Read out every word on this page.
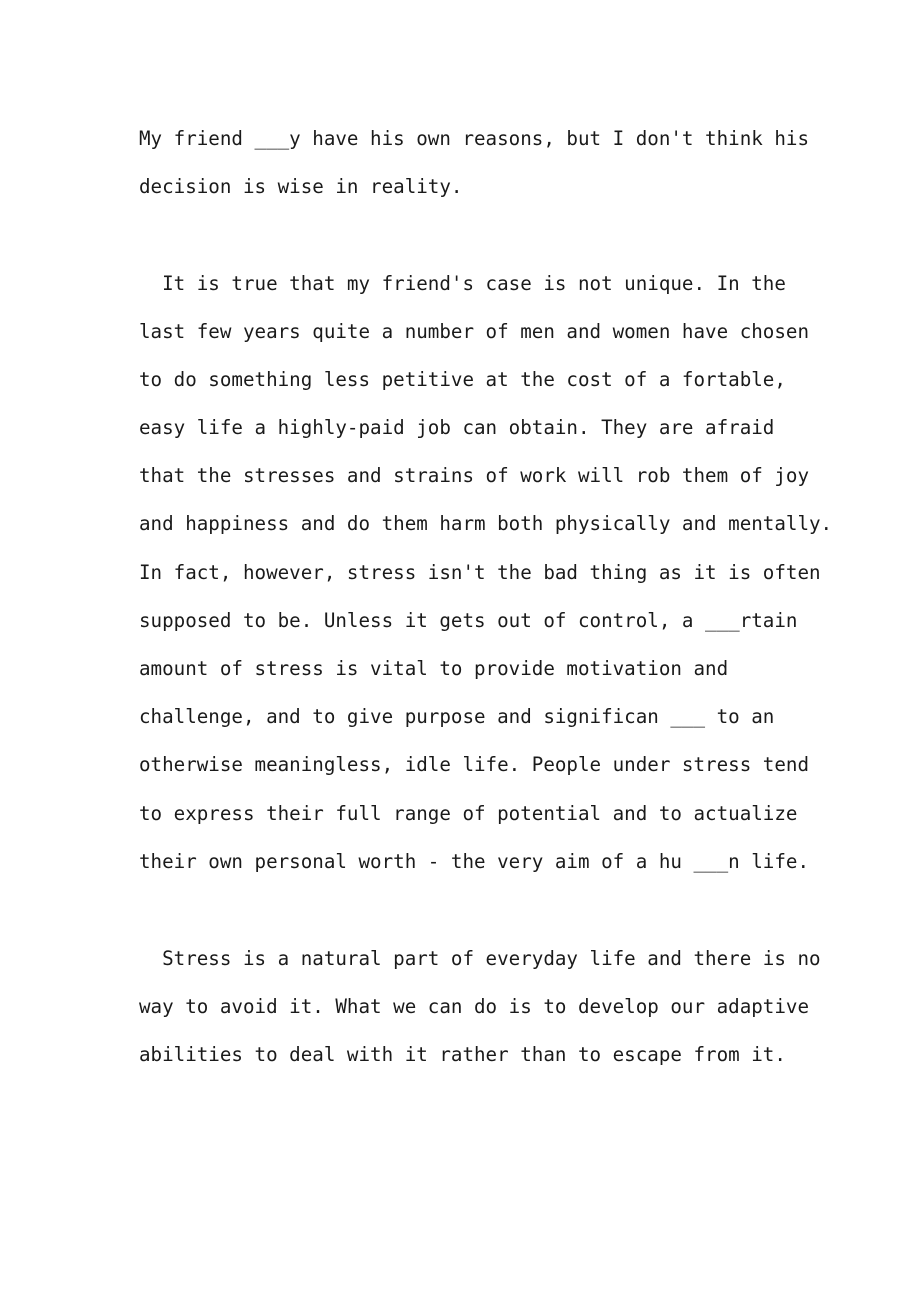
My friend ___y have his own reasons, but I don't think his

decision is wise in reality.

It is true that my friend's case is not unique. In the

last few years quite a number of men and women have chosen

to do something less petitive at the cost of a fortable,

easy life a highly-paid job can obtain. They are afraid

that the stresses and strains of work will rob them of joy

and happiness and do them harm both physically and mentally.

In fact, however, stress isn't the bad thing as it is often

supposed to be. Unless it gets out of control, a ___rtain

amount of stress is vital to provide motivation and

challenge, and to give purpose and significan ___ to an

otherwise meaningless, idle life. People under stress tend

to express their full range of potential and to actualize

their own personal worth - the very aim of a hu ___n life.

Stress is a natural part of everyday life and there is no

way to avoid it. What we can do is to develop our adaptive

abilities to deal with it rather than to escape from it.
